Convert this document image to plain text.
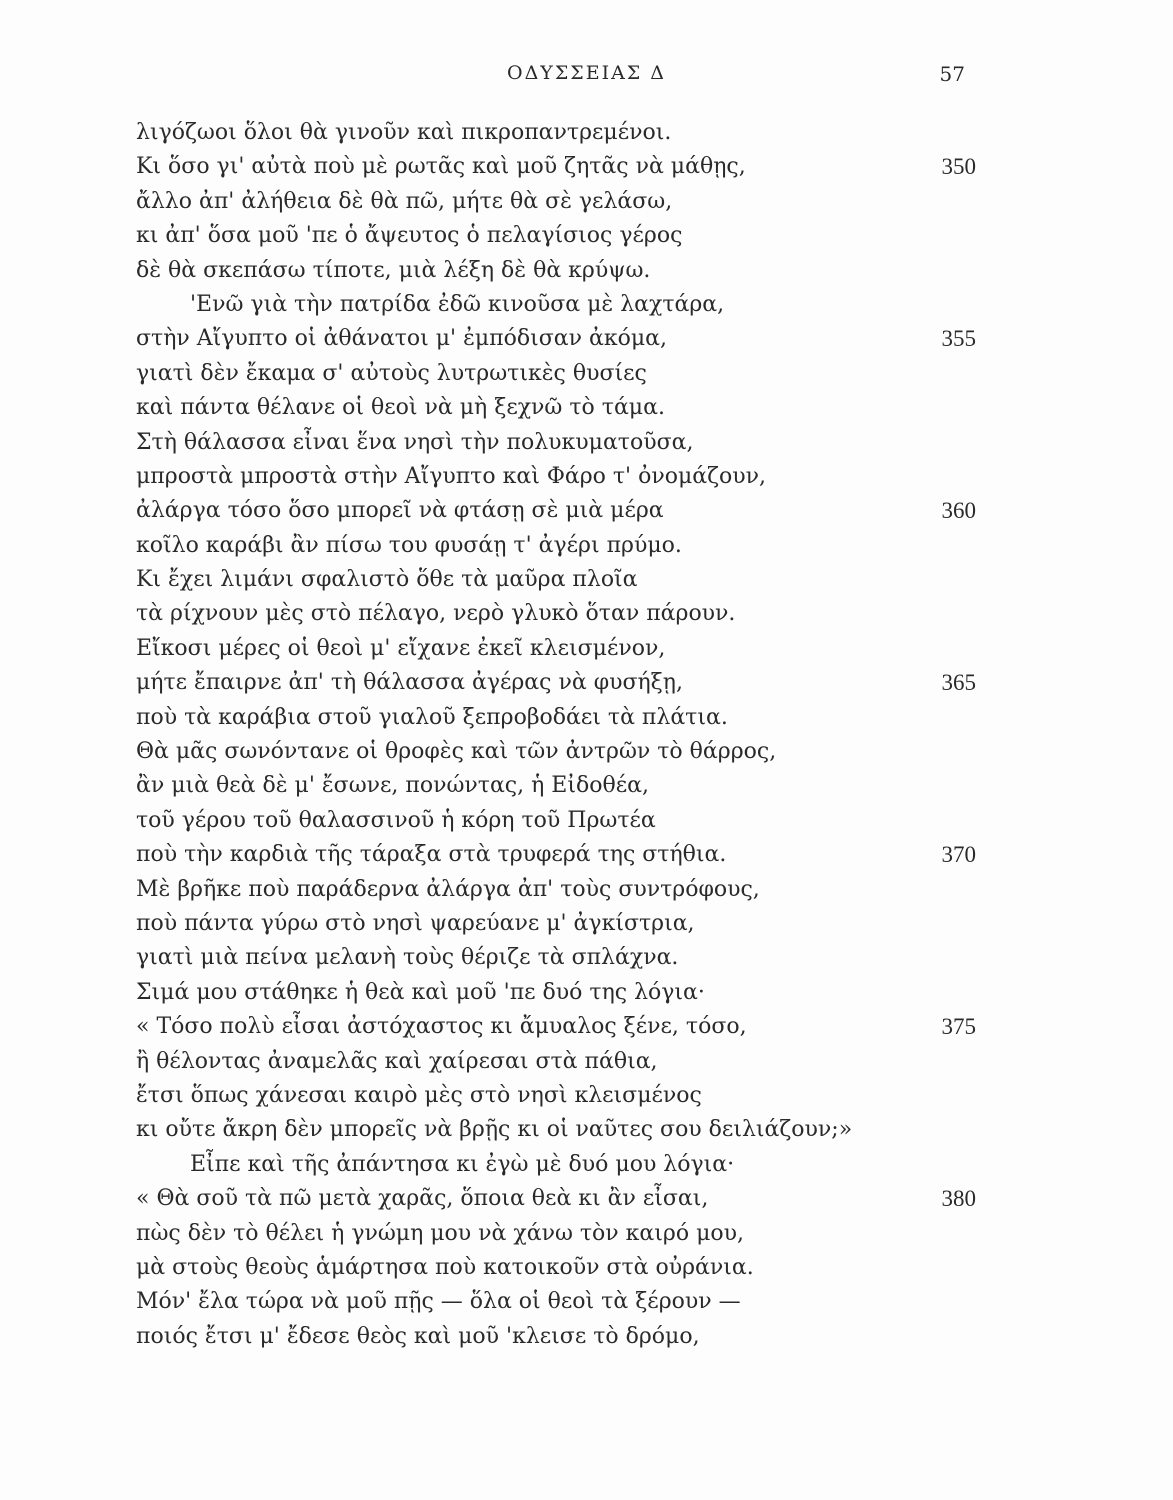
ΟΔΥΣΣΕΙΑΣ Δ	57
λιγόζωοι ὅλοι θὰ γινοῦν καὶ πικροπαντρεμένοι.
Κι ὅσο γι' αὐτὰ ποὺ μὲ ρωτᾶς καὶ μοῦ ζητᾶς νὰ μάθῃς,	350
ἄλλο ἀπ' ἀλήθεια δὲ θὰ πῶ, μήτε θὰ σὲ γελάσω,
κι ἀπ' ὅσα μοῦ 'πε ὁ ἄψευτος ὁ πελαγίσιος γέρος
δὲ θὰ σκεπάσω τίποτε, μιὰ λέξη δὲ θὰ κρύψω.
'Ενῶ γιὰ τὴν πατρίδα ἐδῶ κινοῦσα μὲ λαχτάρα,
στὴν Αἴγυπτο οἱ ἀθάνατοι μ' ἐμπόδισαν ἀκόμα,	355
γιατὶ δὲν ἔκαμα σ' αὐτοὺς λυτρωτικὲς θυσίες
καὶ πάντα θέλανε οἱ θεοὶ νὰ μὴ ξεχνῶ τὸ τάμα.
Στὴ θάλασσα εἶναι ἕνα νησὶ τὴν πολυκυματοῦσα,
μπροστὰ μπροστὰ στὴν Αἴγυπτο καὶ Φάρο τ' ὀνομάζουν,
ἀλάργα τόσο ὅσο μπορεῖ νὰ φτάσῃ σὲ μιὰ μέρα	360
κοῖλο καράβι ἂν πίσω του φυσάῃ τ' ἀγέρι πρύμο.
Κι ἔχει λιμάνι σφαλιστὸ ὅθε τὰ μαῦρα πλοῖα
τὰ ρίχνουν μὲς στὸ πέλαγο, νερὸ γλυκὸ ὅταν πάρουν.
Εἴκοσι μέρες οἱ θεοὶ μ' εἴχανε ἐκεῖ κλεισμένον,
μήτε ἔπαιρνε ἀπ' τὴ θάλασσα ἀγέρας νὰ φυσήξῃ,	365
ποὺ τὰ καράβια στοῦ γιαλοῦ ξεπροβοδάει τὰ πλάτια.
Θὰ μᾶς σωνόντανε οἱ θροφὲς καὶ τῶν ἀντρῶν τὸ θάρρος,
ἂν μιὰ θεὰ δὲ μ' ἔσωνε, πονώντας, ἡ Εἰδοθέα,
τοῦ γέρου τοῦ θαλασσινοῦ ἡ κόρη τοῦ Πρωτέα
ποὺ τὴν καρδιὰ τῆς τάραξα στὰ τρυφερά της στήθια.	370
Μὲ βρῆκε ποὺ παράδερνα ἀλάργα ἀπ' τοὺς συντρόφους,
ποὺ πάντα γύρω στὸ νησὶ ψαρεύανε μ' ἀγκίστρια,
γιατὶ μιὰ πείνα μελανὴ τοὺς θέριζε τὰ σπλάχνα.
Σιμά μου στάθηκε ἡ θεὰ καὶ μοῦ 'πε δυό της λόγια·
« Τόσο πολὺ εἶσαι ἀστόχαστος κι ἄμυαλος ξένε, τόσο,	375
ἢ θέλοντας ἀναμελᾶς καὶ χαίρεσαι στὰ πάθια,
ἔτσι ὅπως χάνεσαι καιρὸ μὲς στὸ νησὶ κλεισμένος
κι οὔτε ἄκρη δὲν μπορεῖς νὰ βρῇς κι οἱ ναῦτες σου δειλιάζουν;»
Εἶπε καὶ τῆς ἀπάντησα κι ἐγὼ μὲ δυό μου λόγια·
« Θὰ σοῦ τὰ πῶ μετὰ χαρᾶς, ὅποια θεὰ κι ἂν εἶσαι,	380
πὼς δὲν τὸ θέλει ἡ γνώμη μου νὰ χάνω τὸν καιρό μου,
μὰ στοὺς θεοὺς ἁμάρτησα ποὺ κατοικοῦν στὰ οὐράνια.
Μόν' ἔλα τώρα νὰ μοῦ πῇς — ὅλα οἱ θεοὶ τὰ ξέρουν —
ποιός ἔτσι μ' ἔδεσε θεὸς καὶ μοῦ 'κλεισε τὸ δρόμο,
